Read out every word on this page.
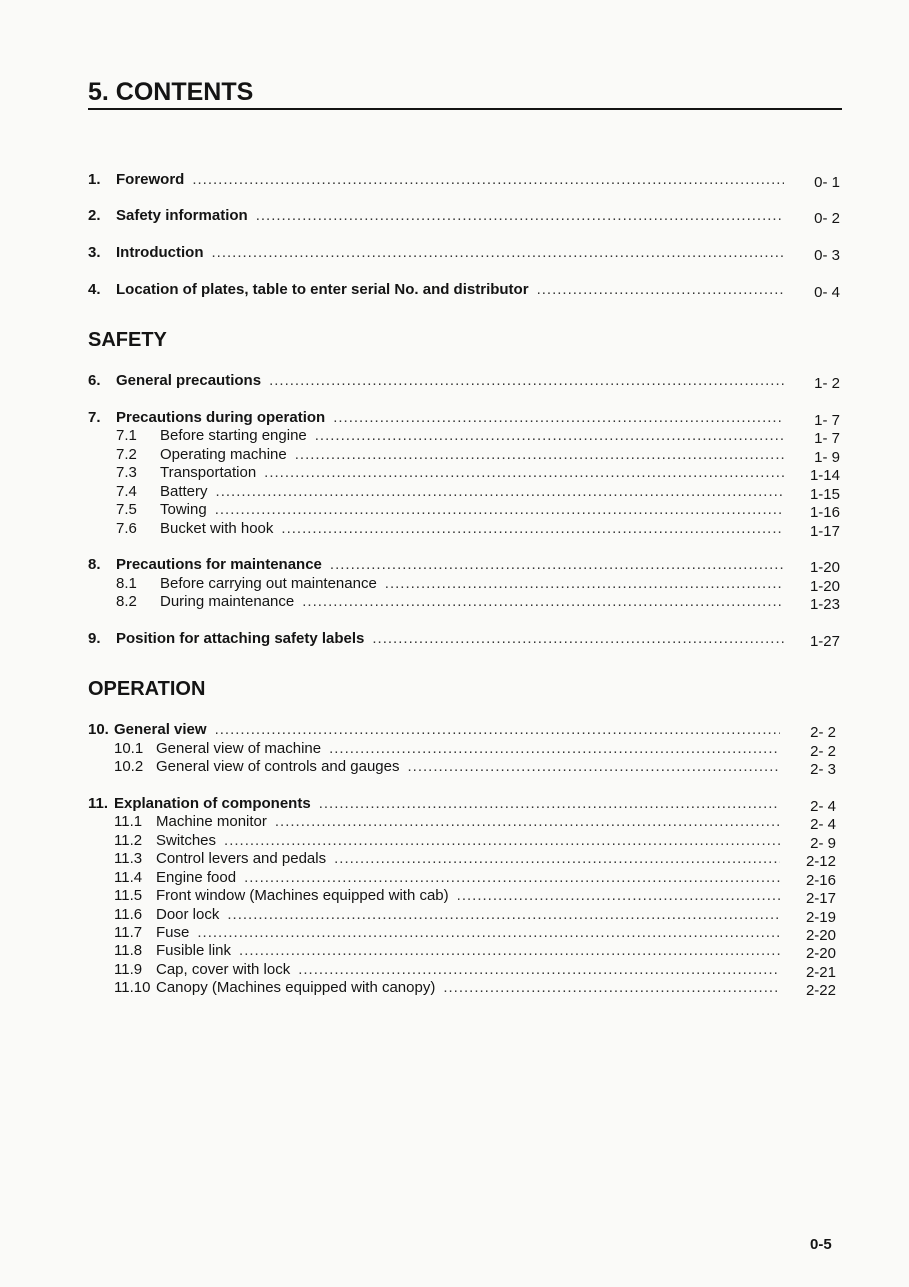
5. CONTENTS
1.	Foreword .....	0- 1
2.	Safety information .....	0- 2
3.	Introduction .....	0- 3
4.	Location of plates, table to enter serial No. and distributor .....	0- 4
SAFETY
6.	General precautions .....	1- 2
7.	Precautions during operation .....	1- 7
7.1	Before starting engine .....	1- 7
7.2	Operating machine .....	1- 9
7.3	Transportation .....	1-14
7.4	Battery .....	1-15
7.5	Towing .....	1-16
7.6	Bucket with hook .....	1-17
8.	Precautions for maintenance .....	1-20
8.1	Before carrying out maintenance .....	1-20
8.2	During maintenance .....	1-23
9.	Position for attaching safety labels .....	1-27
OPERATION
10. General view .....	2- 2
10.1 General view of machine .....	2- 2
10.2 General view of controls and gauges .....	2- 3
11. Explanation of components .....	2- 4
11.1 Machine monitor .....	2- 4
11.2 Switches .....	2- 9
11.3 Control levers and pedals .....	2-12
11.4 Engine food .....	2-16
11.5 Front window (Machines equipped with cab) .....	2-17
11.6 Door lock .....	2-19
11.7 Fuse .....	2-20
11.8 Fusible link .....	2-20
11.9 Cap, cover with lock .....	2-21
11.10 Canopy (Machines equipped with canopy) .....	2-22
0-5
